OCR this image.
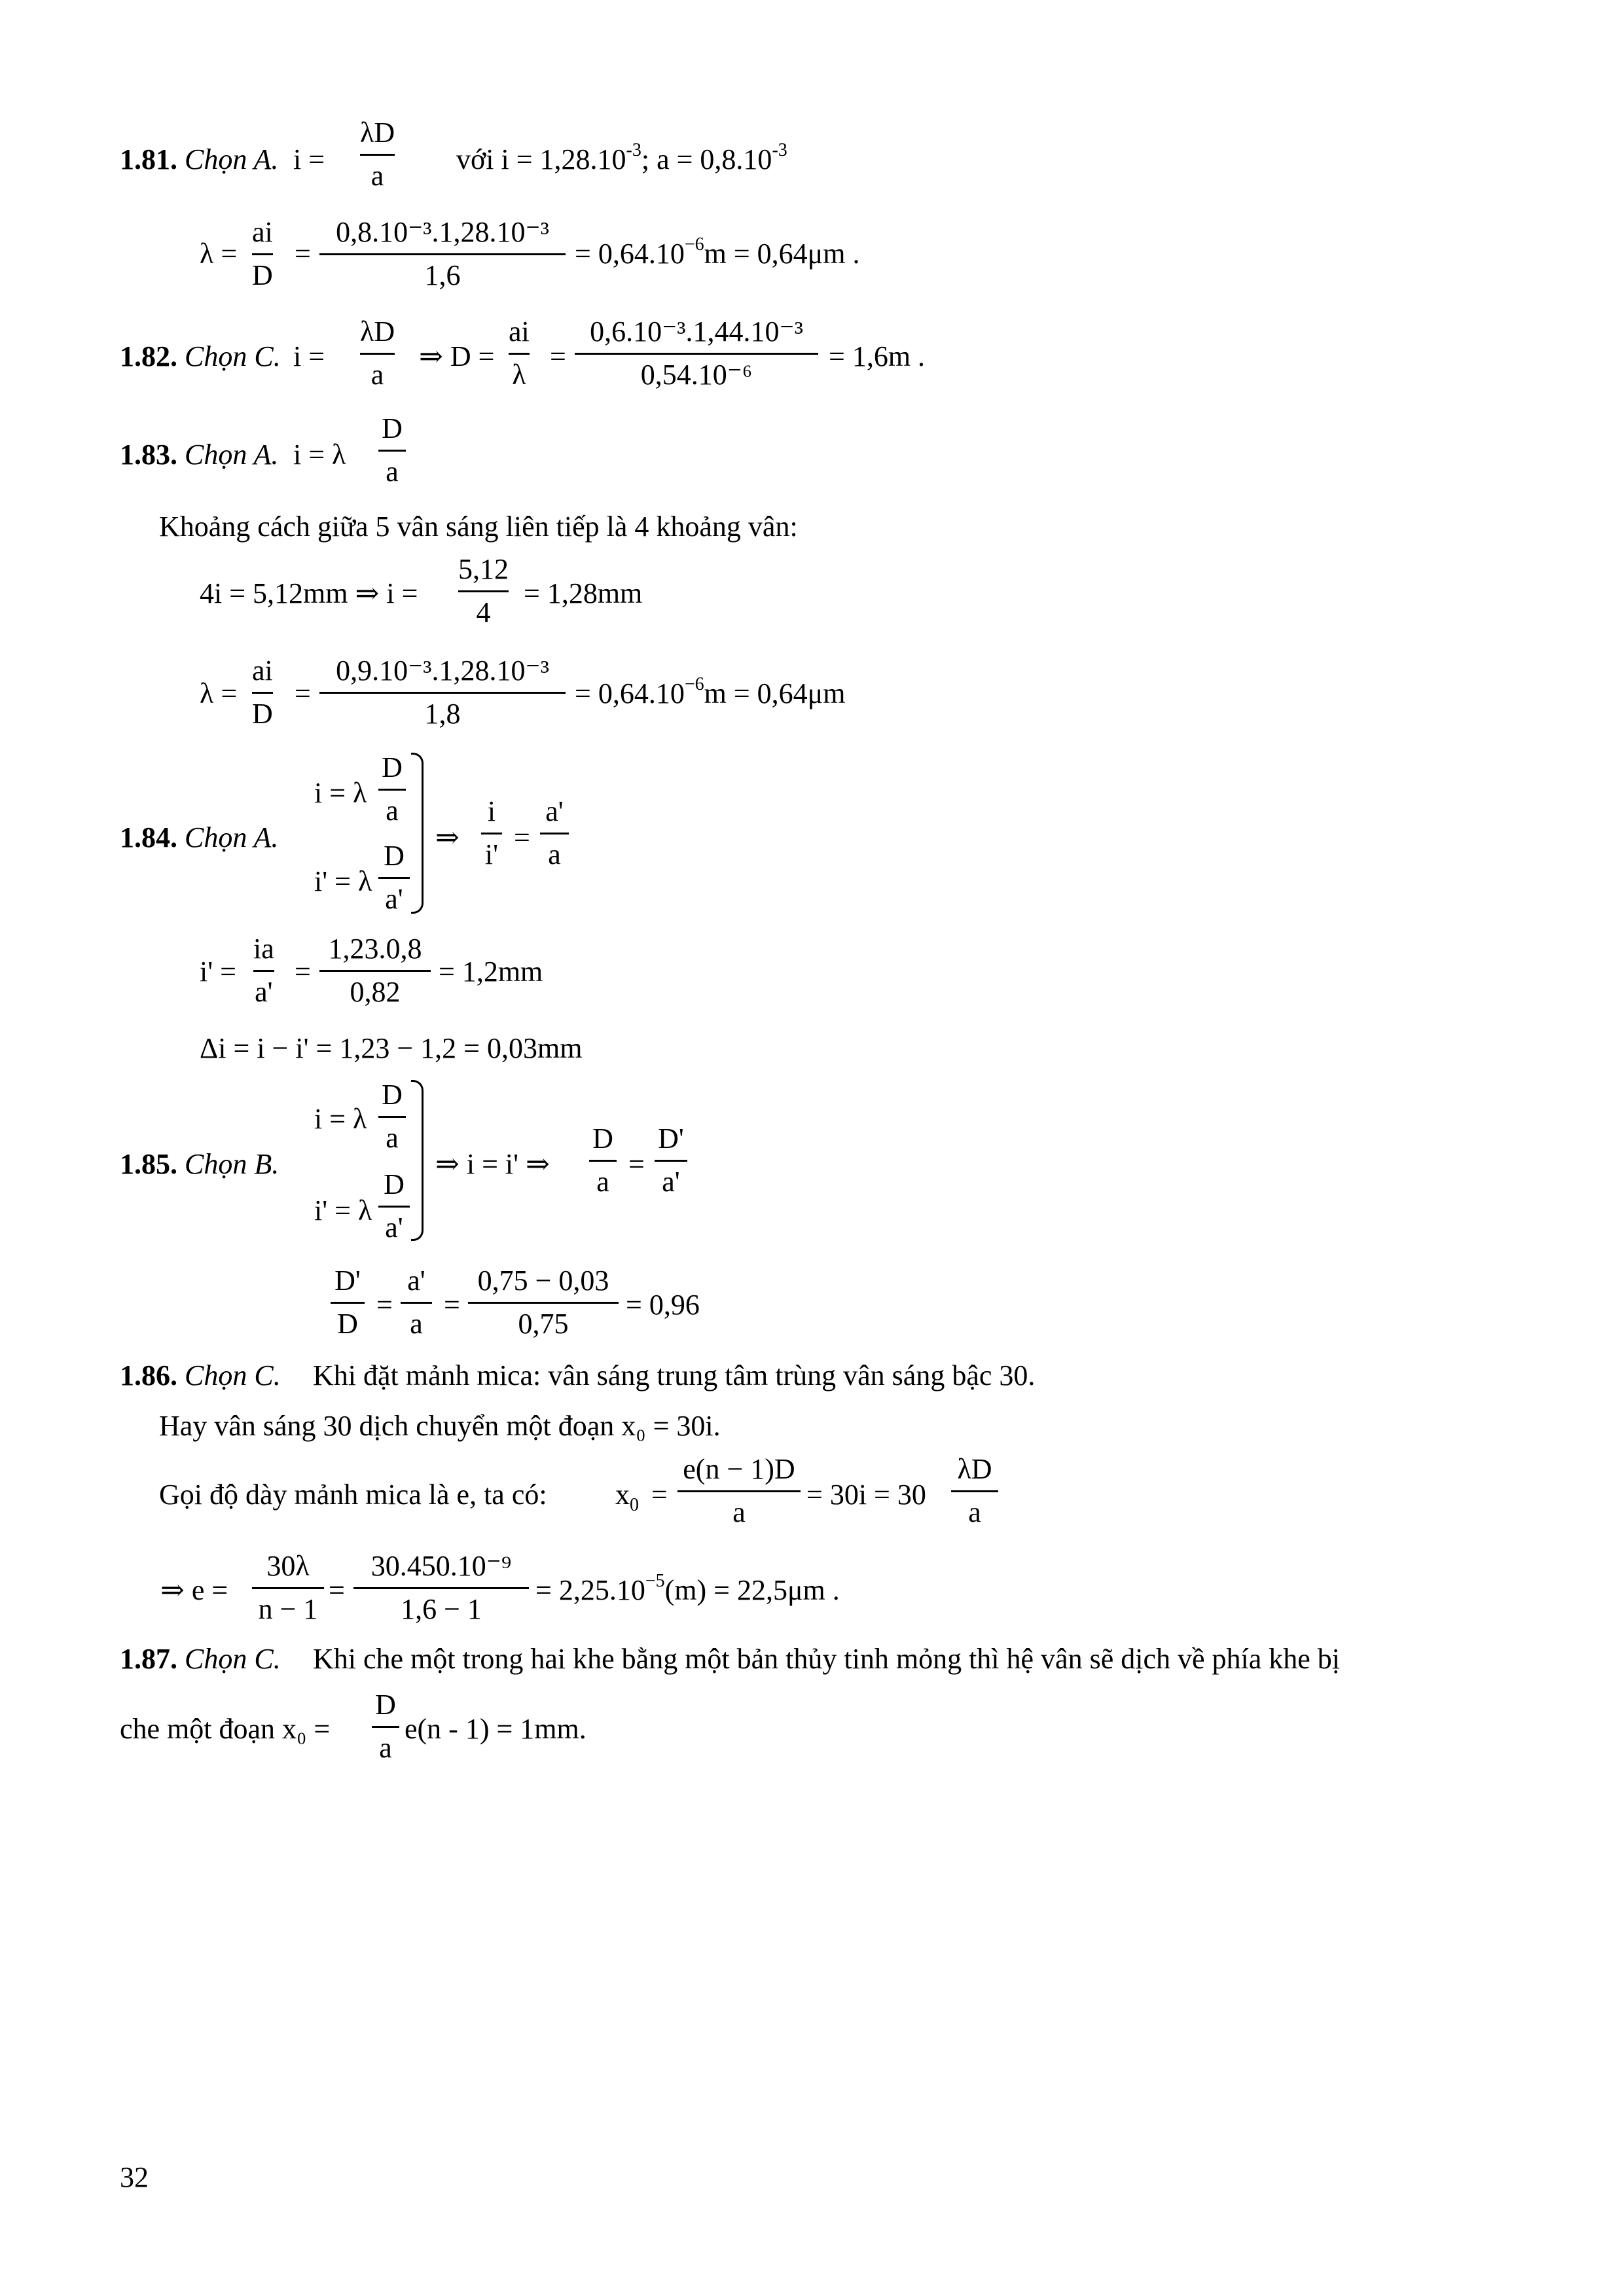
1.81. Chọn A. i =
λD
a
với $i = 1,28.10^{-3}$; $a = 0,8.10^{-3}$
λ =
ai
D
=
0,8.10⁻³.1,28.10⁻³
1,6
= $0,64.10^{-6}m = 0,64\mu m$ .
1.82. Chọn C. i =
λD
a
⇒ D =
ai
λ
=
0,6.10⁻³.1,44.10⁻³
0,54.10⁻⁶
= 1,6m .
1.83. Chọn A. i = λ
D
a
Khoảng cách giữa 5 vân sáng liên tiếp là 4 khoảng vân:
4i = 5,12mm ⇒ i =
5,12
4
= 1,28mm
λ =
ai
D
=
0,9.10⁻³.1,28.10⁻³
1,8
= $0,64.10^{-6}m = 0,64\mu m$
1.84. Chọn A.
i = λ
D
a
i' = λ
D
a'
⇒
i
i'
=
a'
a
i' =
ia
a'
=
1,23.0,8
0,82
= 1,2mm
Δi = i − i' = 1,23 − 1,2 = 0,03mm
1.85. Chọn B.
i = λ
D
a
i' = λ
D
a'
⇒ i = i' ⇒
D
a
=
D'
a'
D'
D
=
a'
a
=
0,75 − 0,03
0,75
= 0,96
1.86. Chọn C. Khi đặt mảnh mica: vân sáng trung tâm trùng vân sáng bậc 30.
Hay vân sáng 30 dịch chuyển một đoạn x₀ = 30i.
Gọi độ dày mảnh mica là e, ta có: $x_0$ =
e(n − 1)D
a
= 30i = 30
λD
a
⇒ e =
30λ
n − 1
=
30.450.10⁻⁹
1,6 − 1
= $2,25.10^{-5}(m) = 22,5\mu m$ .
1.87. Chọn C. Khi che một trong hai khe bằng một bản thủy tinh mỏng thì hệ vân sẽ dịch về phía khe bị
che một đoạn x₀ =
D
a
e(n - 1) = 1mm.
32
